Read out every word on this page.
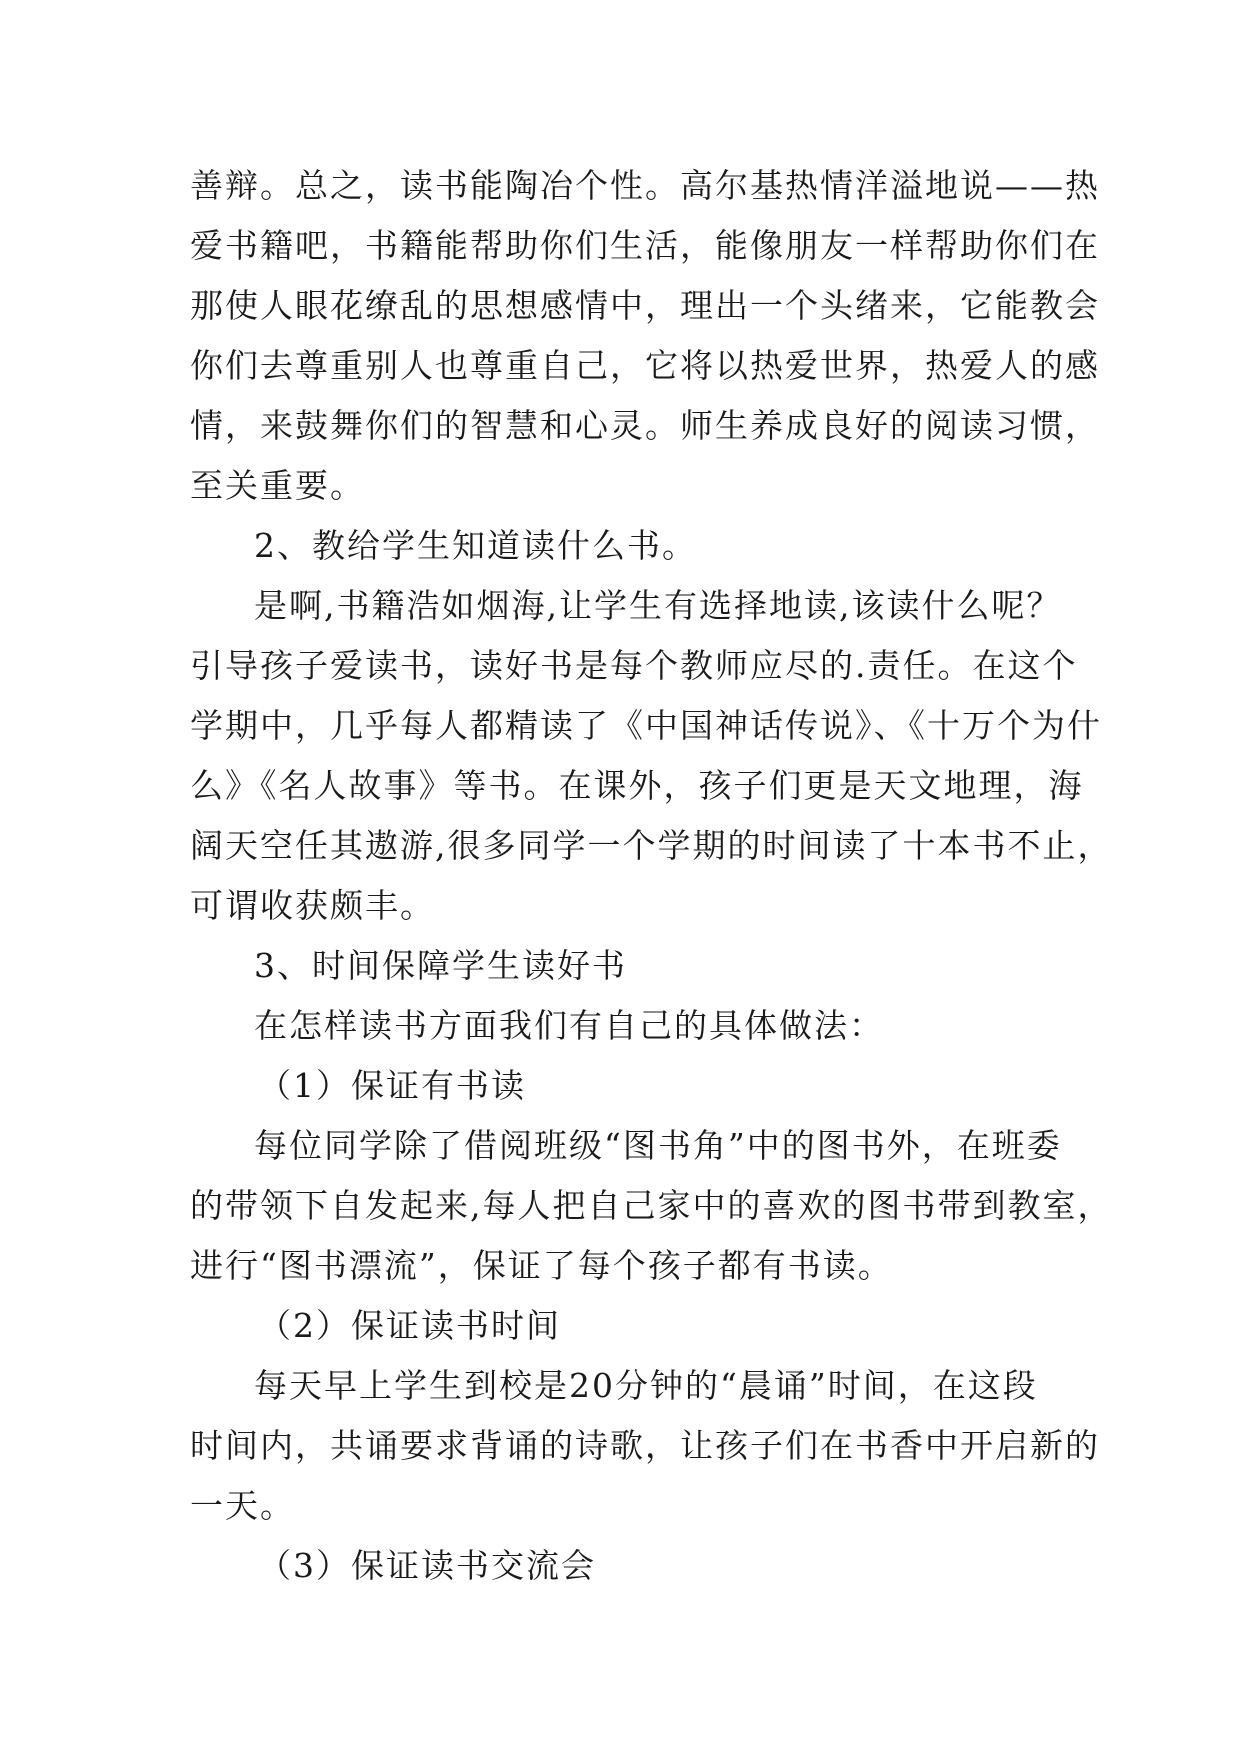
善辩。总之，读书能陶冶个性。高尔基热情洋溢地说——热
爱书籍吧，书籍能帮助你们生活，能像朋友一样帮助你们在
那使人眼花缭乱的思想感情中，理出一个头绪来，它能教会
你们去尊重别人也尊重自己，它将以热爱世界，热爱人的感
情，来鼓舞你们的智慧和心灵。师生养成良好的阅读习惯，
至关重要。
2、教给学生知道读什么书。
是啊,书籍浩如烟海,让学生有选择地读,该读什么呢？
引导孩子爱读书，读好书是每个教师应尽的.责任。在这个
学期中，几乎每人都精读了《中国神话传说》、《十万个为什
么》《名人故事》等书。在课外，孩子们更是天文地理，海
阔天空任其遨游,很多同学一个学期的时间读了十本书不止，
可谓收获颇丰。
3、时间保障学生读好书
在怎样读书方面我们有自己的具体做法：
（1）保证有书读
每位同学除了借阅班级“图书角”中的图书外，在班委
的带领下自发起来,每人把自己家中的喜欢的图书带到教室，
进行“图书漂流”，保证了每个孩子都有书读。
（2）保证读书时间
每天早上学生到校是20分钟的“晨诵”时间，在这段
时间内，共诵要求背诵的诗歌，让孩子们在书香中开启新的
一天。
（3）保证读书交流会
